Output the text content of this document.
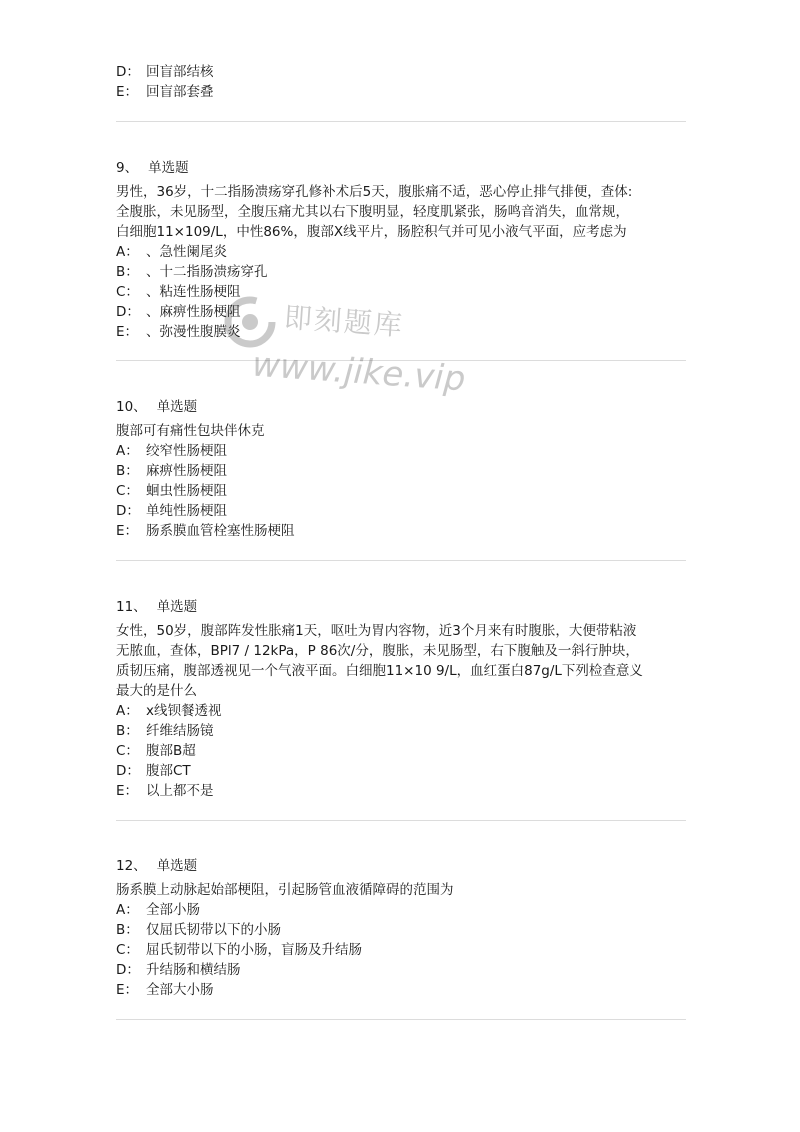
D： 回盲部结核
E： 回盲部套叠
9、 单选题
男性，36岁，十二指肠溃疡穿孔修补术后5天，腹胀痛不适，恶心停止排气排便，查体:
全腹胀，未见肠型，全腹压痛尤其以右下腹明显，轻度肌紧张，肠鸣音消失，血常规，
白细胞11×109/L，中性86%，腹部X线平片，肠腔积气并可见小液气平面，应考虑为
A： 、急性阑尾炎
B： 、十二指肠溃疡穿孔
C： 、粘连性肠梗阻
D： 、麻痹性肠梗阻
E： 、弥漫性腹膜炎
10、 单选题
腹部可有痛性包块伴休克
A： 绞窄性肠梗阻
B： 麻痹性肠梗阻
C： 蛔虫性肠梗阻
D： 单纯性肠梗阻
E： 肠系膜血管栓塞性肠梗阻
11、 单选题
女性，50岁，腹部阵发性胀痛1天，呕吐为胃内容物，近3个月来有时腹胀，大便带粘液
无脓血，查体，BPl7 / 12kPa，P 86次/分，腹胀，未见肠型，右下腹触及一斜行肿块，
质韧压痛，腹部透视见一个气液平面。白细胞11×10 9/L，血红蛋白87g/L下列检查意义
最大的是什么
A： x线钡餐透视
B： 纤维结肠镜
C： 腹部B超
D： 腹部CT
E： 以上都不是
12、 单选题
肠系膜上动脉起始部梗阻，引起肠管血液循障碍的范围为
A： 全部小肠
B： 仅屈氏韧带以下的小肠
C： 屈氏韧带以下的小肠，盲肠及升结肠
D： 升结肠和横结肠
E： 全部大小肠
即刻题库
www.jike.vip
